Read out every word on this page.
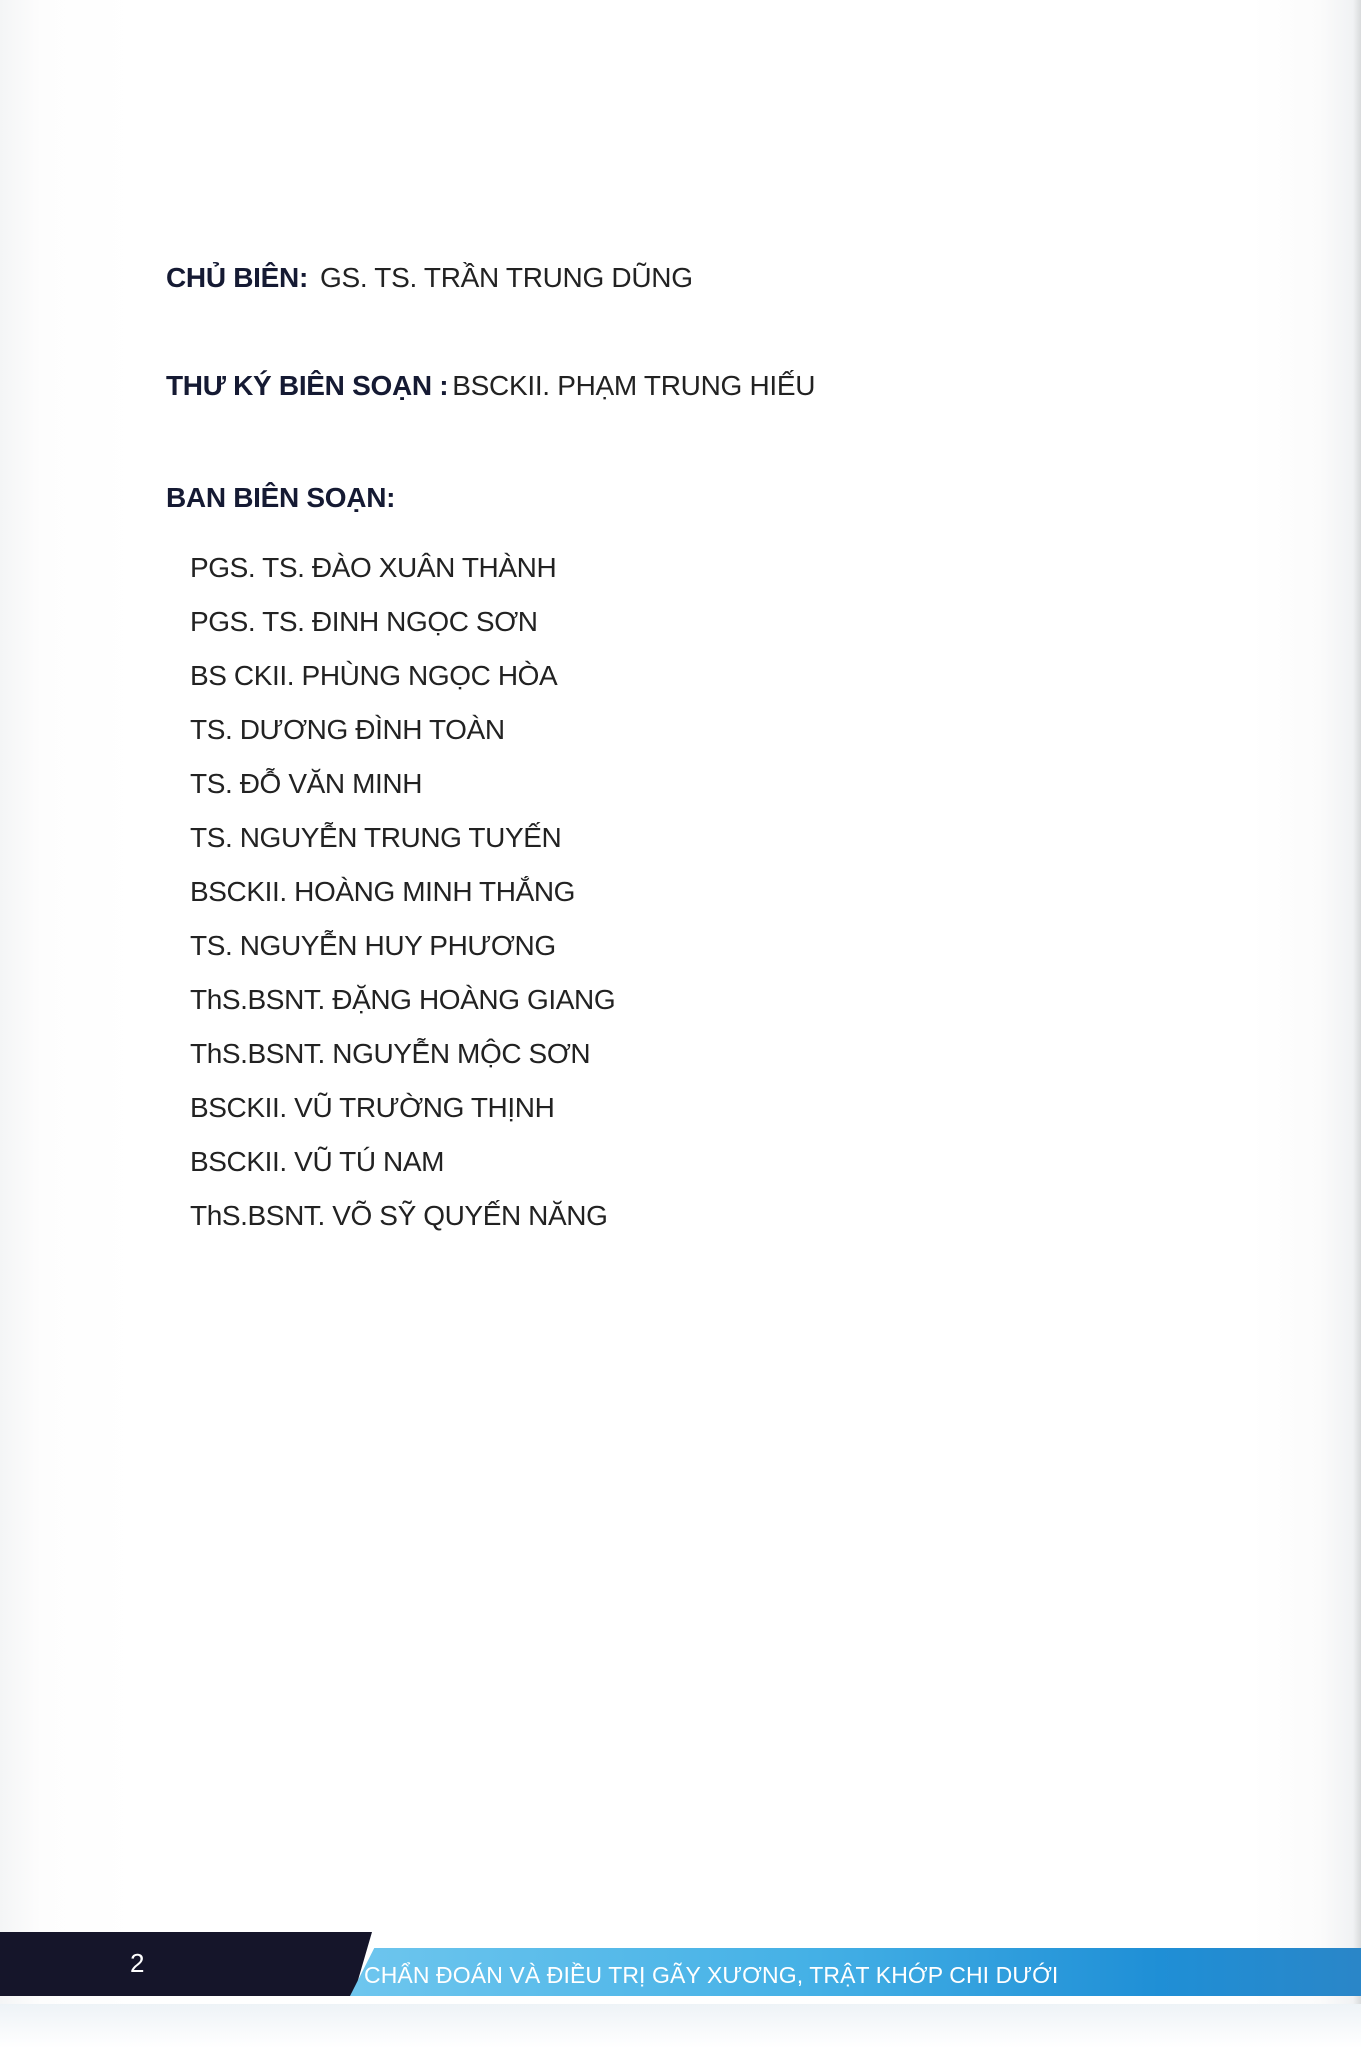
CHỦ BIÊN: GS. TS. TRẦN TRUNG DŨNG
THƯ KÝ BIÊN SOẠN : BSCKII. PHẠM TRUNG HIẾU
BAN BIÊN SOẠN:
PGS. TS. ĐÀO XUÂN THÀNH
PGS. TS. ĐINH NGỌC SƠN
BS CKII. PHÙNG NGỌC HÒA
TS. DƯƠNG ĐÌNH TOÀN
TS. ĐỖ VĂN MINH
TS. NGUYỄN TRUNG TUYẾN
BSCKII. HOÀNG MINH THẮNG
TS. NGUYỄN HUY PHƯƠNG
ThS.BSNT. ĐẶNG HOÀNG GIANG
ThS.BSNT. NGUYỄN MỘC SƠN
BSCKII. VŨ TRƯỜNG THỊNH
BSCKII. VŨ TÚ NAM
ThS.BSNT. VÕ SỸ QUYẾN NĂNG
2	CHẨN ĐOÁN VÀ ĐIỀU TRỊ GÃY XƯƠNG, TRẬT KHỚP CHI DƯỚI
